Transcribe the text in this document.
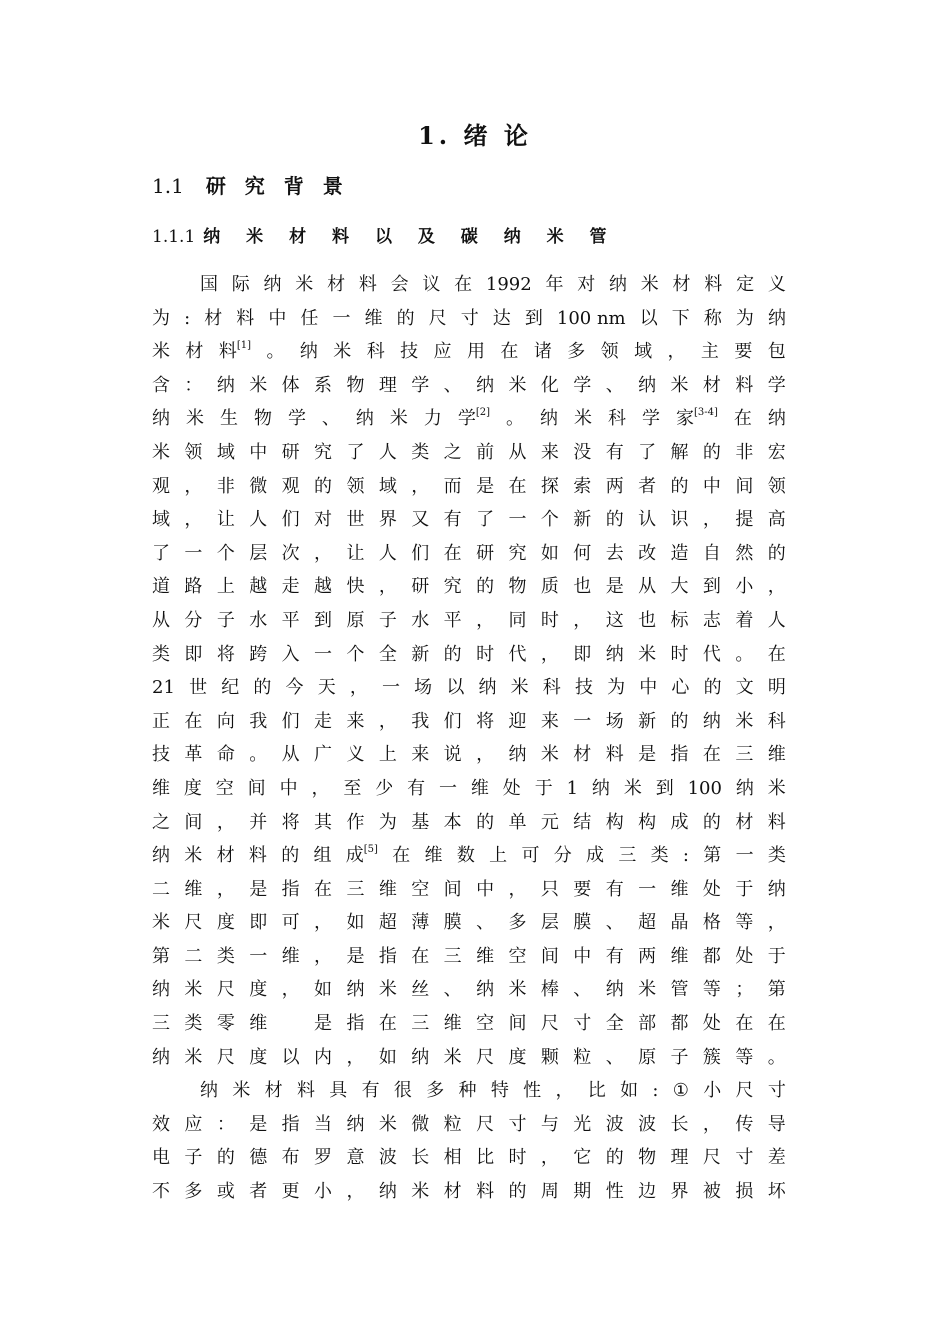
1. 绪 论
1.1 研 究 背 景
1.1.1 纳 米 材 料 以 及 碳 纳 米 管
国 际 纳 米 材 料 会 议 在 1992 年 对 纳 米 材 料 定 义
为 : 材 料 中 任 一 维 的 尺 寸 达 到 100 nm 以 下 称 为 纳
米 材 料[1] 。 纳 米 科 技 应 用 在 诸 多 领 域 ， 主 要 包
含 ： 纳 米 体 系 物 理 学 、 纳 米 化 学 、 纳 米 材 料 学
纳 米 生 物 学 、 纳 米 力 学[2] 。 纳 米 科 学 家[3-4] 在 纳
米 领 域 中 研 究 了 人 类 之 前 从 来 没 有 了 解 的 非 宏
观 ， 非 微 观 的 领 域 ， 而 是 在 探 索 两 者 的 中 间 领
域 ， 让 人 们 对 世 界 又 有 了 一 个 新 的 认 识 ， 提 高
了 一 个 层 次 ， 让 人 们 在 研 究 如 何 去 改 造 自 然 的
道 路 上 越 走 越 快 ， 研 究 的 物 质 也 是 从 大 到 小 ，
从 分 子 水 平 到 原 子 水 平 ， 同 时 ， 这 也 标 志 着 人
类 即 将 跨 入 一 个 全 新 的 时 代 ， 即 纳 米 时 代 。 在
21 世 纪 的 今 天 ， 一 场 以 纳 米 科 技 为 中 心 的 文 明
正 在 向 我 们 走 来 ， 我 们 将 迎 来 一 场 新 的 纳 米 科
技 革 命 。 从 广 义 上 来 说 ， 纳 米 材 料 是 指 在 三 维
维 度 空 间 中 ， 至 少 有 一 维 处 于 1 纳 米 到 100 纳 米
之 间 ， 并 将 其 作 为 基 本 的 单 元 结 构 构 成 的 材 料
纳 米 材 料 的 组 成[5] 在 维 数 上 可 分 成 三 类 : 第 一 类
二 维 ， 是 指 在 三 维 空 间 中 ， 只 要 有 一 维 处 于 纳
米 尺 度 即 可 ， 如 超 薄 膜 、 多 层 膜 、 超 晶 格 等 ，
第 二 类 一 维 ， 是 指 在 三 维 空 间 中 有 两 维 都 处 于
纳 米 尺 度 ， 如 纳 米 丝 、 纳 米 棒 、 纳 米 管 等 ； 第
三 类 零 维
　	是 指 在 三 维 空 间 尺 寸 全 部 都 处 在 在
纳 米 尺 度 以 内 ， 如 纳 米 尺 度 颗 粒 、 原 子 簇 等 。
纳 米 材 料 具 有 很 多 种 特 性 ， 比 如 : ① 小 尺 寸
效 应 ： 是 指 当 纳 米 微 粒 尺 寸 与 光 波 波 长 ， 传 导
电 子 的 德 布 罗 意 波 长 相 比 时 ， 它 的 物 理 尺 寸 差
不 多 或 者 更 小 ， 纳 米 材 料 的 周 期 性 边 界 被 损 坏
